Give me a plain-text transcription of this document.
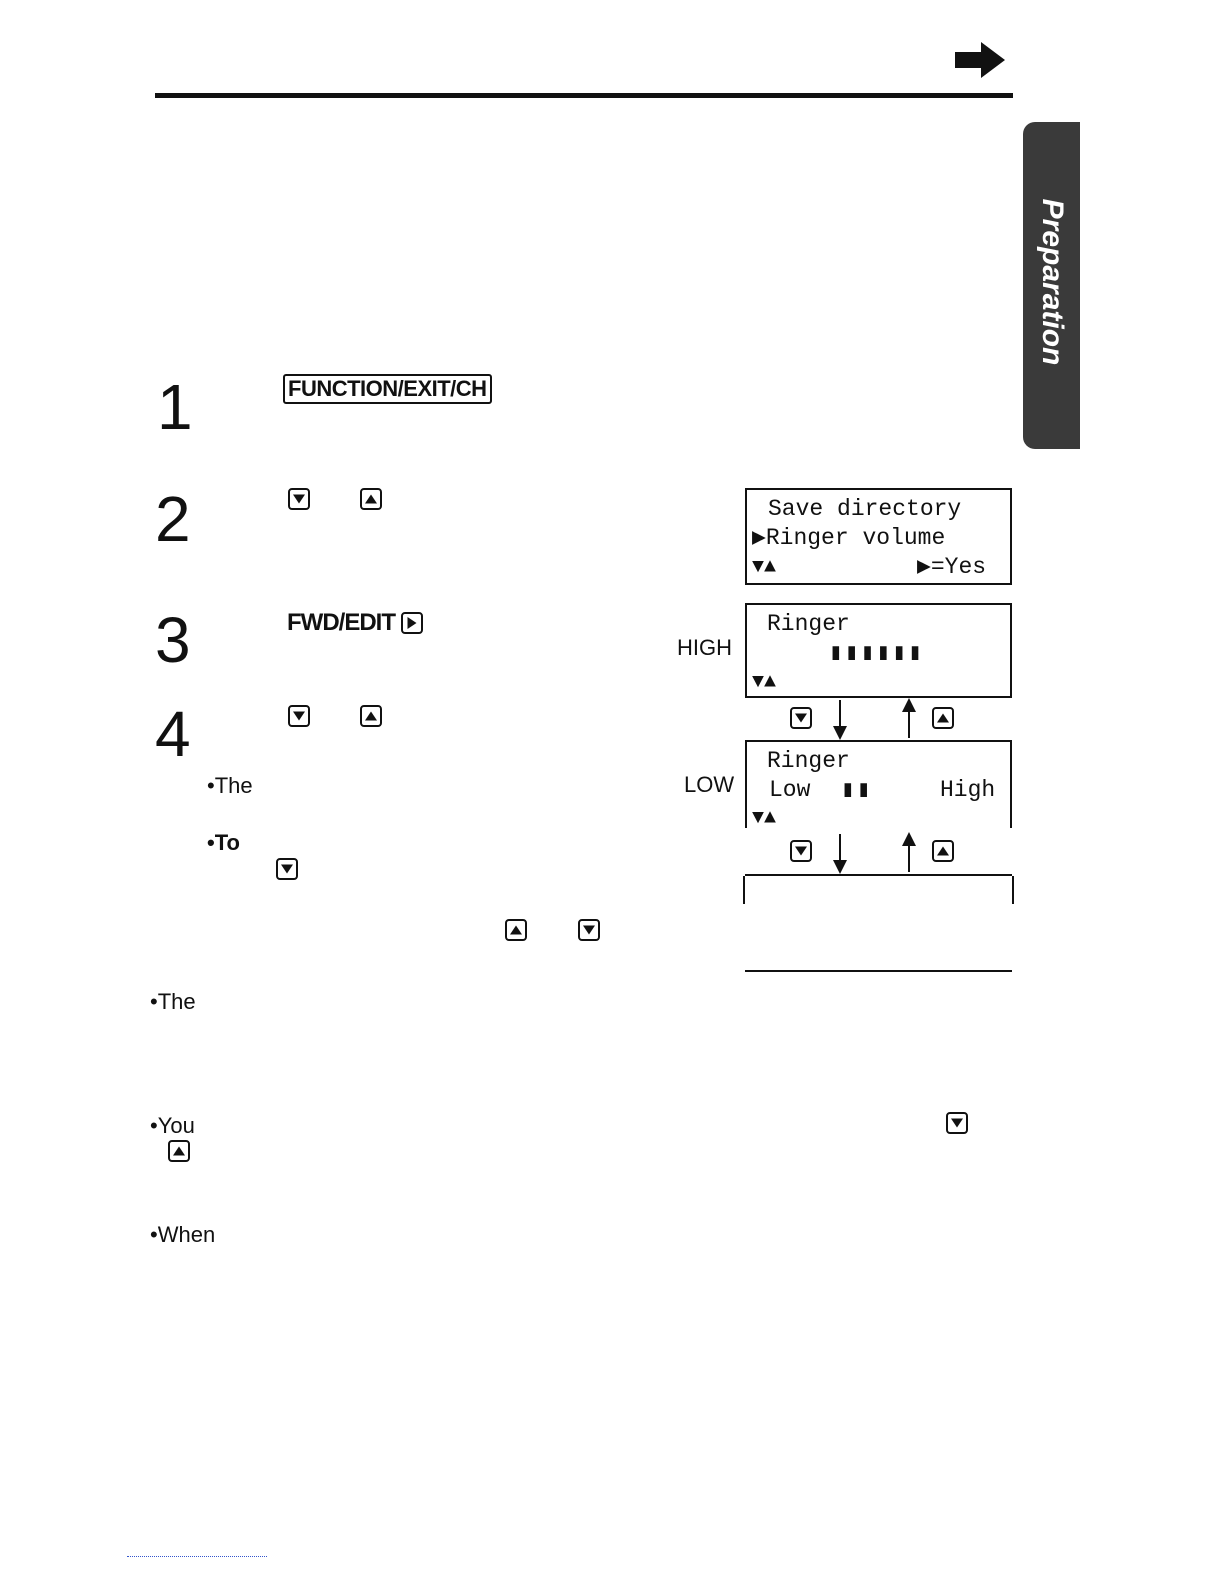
Preparation
1	FUNCTION/EXIT/CH
2
3	FWD/EDIT
4
•The
•To
•The
•You
•When
Save directory
▶Ringer volume
▼▲	▶=Yes
HIGH
Ringer
▮▮▮▮▮▮
▼▲
LOW
Ringer
Low ▮▮	High
▼▲
